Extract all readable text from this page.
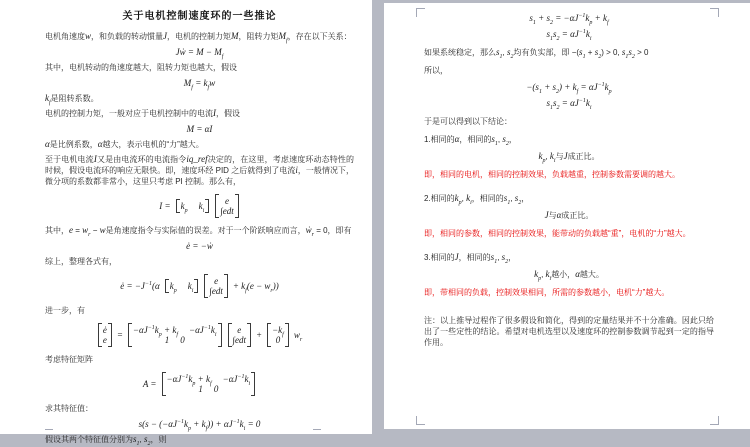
关于电机控制速度环的一些推论
电机角速度w，和负载的转动惯量J，电机的控制力矩M，阻转力矩$M_f$，存在以下关系：
Jẇ = $M - M_f$
其中，电机转动的角速度越大，阻转力矩也越大，假设
$M_f = k_fw$
$k_f$是阻转系数。
电机的控制力矩，一般对应于电机控制中的电流I，假设
M = αI
α是比例系数，α越大，表示电机的“力”越大。
至于电机电流I又是由电流环的电流指令iq_ref决定的，在这里，考虑速度环动态特性的时候，假设电流环的响应无限快。即，速度环经 PID 之后就得到了电流i，一般情况下，微分项的系数都非常小，这里只考虑 PI 控制。那么有，
$I = k_p$ $k_i$
e
∫edt
其中，$e = w_r - w$是角速度指令与实际值的误差。对于一个阶跃响应而言，ẇ$_r$ = 0，即有
ė = −ẇ
综上，整理各式有，
ė = $-J^{-1}(\alpha$ $k_p$ $k_i$
e
$\int edt + k_f(e - w_r)$)
进一步，有
ė
$e = -\alpha J^{-1}k_p + k_f -\alpha J^{-1}k_i$
1 0
e
$\int edt + -k_f$
0 $w_r$
考虑特征矩阵
$A = -\alpha J^{-1}k_p + k_f -\alpha J^{-1}k_i$
1 0
求其特征值：
$s(s - (-\alpha J^{-1}k_p + k_f)) + \alpha J^{-1}k_i = 0$
假设其两个特征值分别为$s_1$, $s_2$，则
$s_1 + s_2 = -\alpha J^{-1}k_p + k_f$
$s_1s_2 = \alpha J^{-1}k_i$
如果系统稳定，那么$s_1$, $s_2$均有负实部，即 $-(s_1 + s_2) > 0$, $s_1s_2 > 0$
所以，
$-(s_1 + s_2) + k_f = \alpha J^{-1}k_p$
$s_1s_2 = \alpha J^{-1}k_i$
于是可以得到以下结论：
1.相同的α，相同的$s_1$, $s_2$，
$k_p$, $k_i$与J成正比。
即，相同的电机，相同的控制效果，负载越重，控制参数需要调的越大。
2.相同的$k_p$, $k_i$，相同的$s_1$, $s_2$，
J与α成正比。
即，相同的参数，相同的控制效果，能带动的负载越“重”，电机的“力”越大。
3.相同的J，相同的$s_1$, $s_2$，
$k_p$, $k_i$越小，α越大。
即，带相同的负载，控制效果相同，所需的参数越小，电机“力”越大。
注：以上推导过程作了很多假设和简化，得到的定量结果并不十分准确。因此只给出了一些定性的结论。希望对电机选型以及速度环的控制参数调节起到一定的指导作用。
